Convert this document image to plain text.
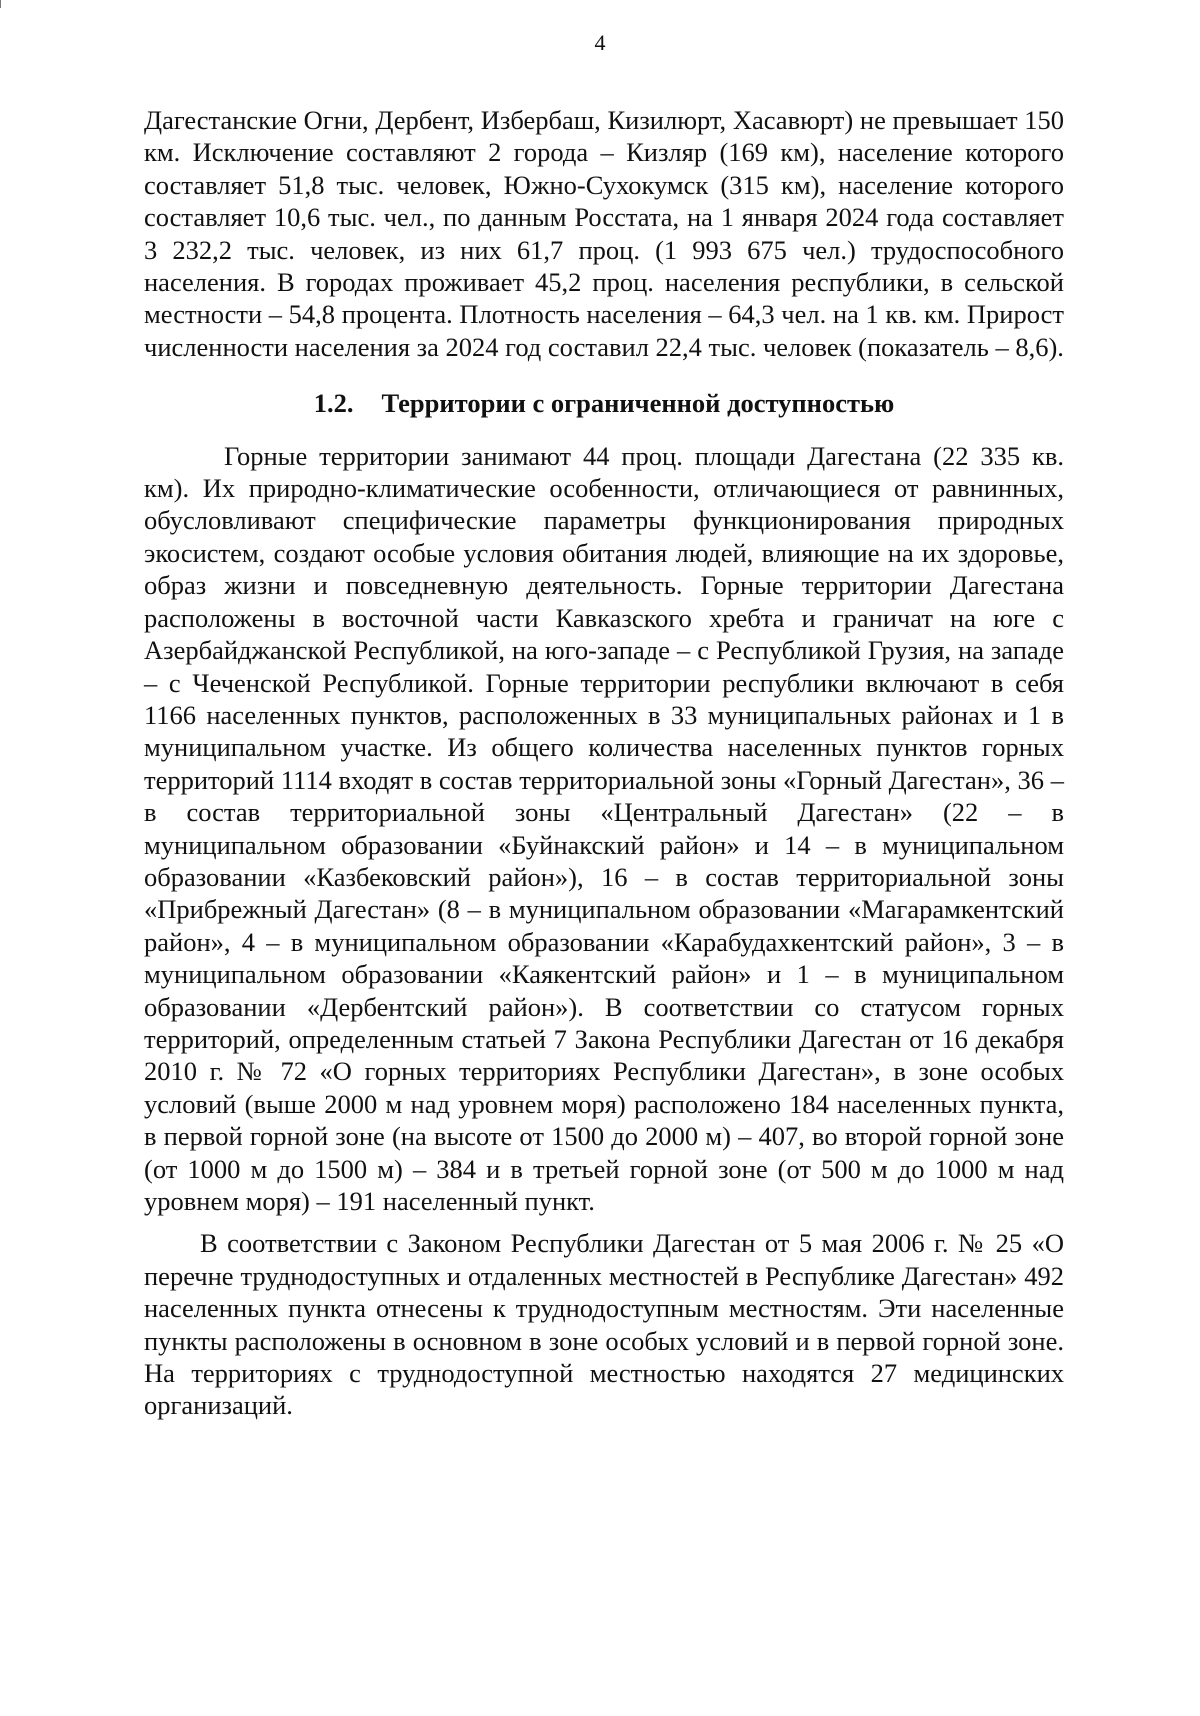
4

Дагестанские Огни, Дербент, Избербаш, Кизилюрт, Хасавюрт) не превышает 150 км. Исключение составляют 2 города – Кизляр (169 км), население которого составляет 51,8 тыс. человек, Южно-Сухокумск (315 км), население которого составляет 10,6 тыс. чел., по данным Росстата, на 1 января 2024 года составляет 3 232,2 тыс. человек, из них 61,7 проц. (1 993 675 чел.) трудоспособного населения. В городах проживает 45,2 проц. населения республики, в сельской местности – 54,8 процента. Плотность населения – 64,3 чел. на 1 кв. км. Прирост численности населения за 2024 год составил 22,4 тыс. человек (показатель – 8,6).

1.2. Территории с ограниченной доступностью

Горные территории занимают 44 проц. площади Дагестана (22 335 кв. км). Их природно-климатические особенности, отличающиеся от равнинных, обусловливают специфические параметры функционирования природных экосистем, создают особые условия обитания людей, влияющие на их здоровье, образ жизни и повседневную деятельность. Горные территории Дагестана расположены в восточной части Кавказского хребта и граничат на юге с Азербайджанской Республикой, на юго-западе – с Республикой Грузия, на западе – с Чеченской Республикой. Горные территории республики включают в себя 1166 населенных пунктов, расположенных в 33 муниципальных районах и 1 в муниципальном участке. Из общего количества населенных пунктов горных территорий 1114 входят в состав территориальной зоны «Горный Дагестан», 36 – в состав территориальной зоны «Центральный Дагестан» (22 – в муниципальном образовании «Буйнакский район» и 14 – в муниципальном образовании «Казбековский район»), 16 – в состав территориальной зоны «Прибрежный Дагестан» (8 – в муниципальном образовании «Магарамкентский район», 4 – в муниципальном образовании «Карабудахкентский район», 3 – в муниципальном образовании «Каякентский район» и 1 – в муниципальном образовании «Дербентский район»). В соответствии со статусом горных территорий, определенным статьей 7 Закона Республики Дагестан от 16 декабря 2010 г. № 72 «О горных территориях Республики Дагестан», в зоне особых условий (выше 2000 м над уровнем моря) расположено 184 населенных пункта, в первой горной зоне (на высоте от 1500 до 2000 м) – 407, во второй горной зоне (от 1000 м до 1500 м) – 384 и в третьей горной зоне (от 500 м до 1000 м над уровнем моря) – 191 населенный пункт.

В соответствии с Законом Республики Дагестан от 5 мая 2006 г. № 25 «О перечне труднодоступных и отдаленных местностей в Республике Дагестан» 492 населенных пункта отнесены к труднодоступным местностям. Эти населенные пункты расположены в основном в зоне особых условий и в первой горной зоне. На территориях с труднодоступной местностью находятся 27 медицинских организаций.
